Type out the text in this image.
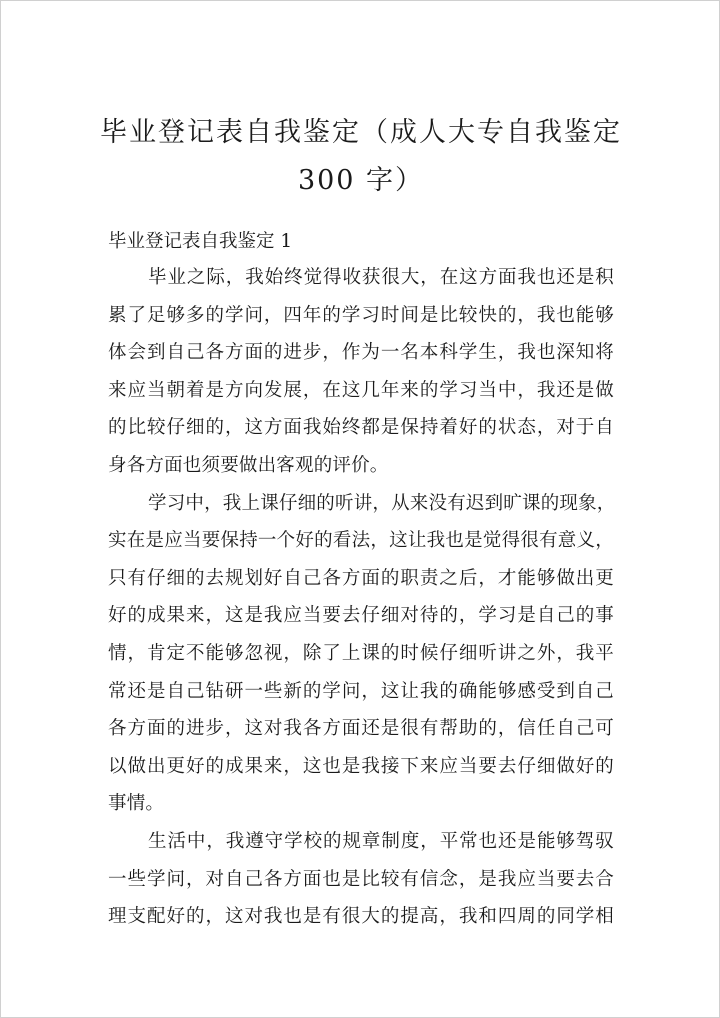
毕业登记表自我鉴定（成人大专自我鉴定
300 字）
毕业登记表自我鉴定 1

毕业之际，我始终觉得收获很大，在这方面我也还是积
累了足够多的学问，四年的学习时间是比较快的，我也能够
体会到自己各方面的进步，作为一名本科学生，我也深知将
来应当朝着是方向发展，在这几年来的学习当中，我还是做
的比较仔细的，这方面我始终都是保持着好的状态，对于自
身各方面也须要做出客观的评价。

学习中，我上课仔细的听讲，从来没有迟到旷课的现象，
实在是应当要保持一个好的看法，这让我也是觉得很有意义，
只有仔细的去规划好自己各方面的职责之后，才能够做出更
好的成果来，这是我应当要去仔细对待的，学习是自己的事
情，肯定不能够忽视，除了上课的时候仔细听讲之外，我平
常还是自己钻研一些新的学问，这让我的确能够感受到自己
各方面的进步，这对我各方面还是很有帮助的，信任自己可
以做出更好的成果来，这也是我接下来应当要去仔细做好的
事情。

生活中，我遵守学校的规章制度，平常也还是能够驾驭
一些学问，对自己各方面也是比较有信念，是我应当要去合
理支配好的，这对我也是有很大的提高，我和四周的同学相
